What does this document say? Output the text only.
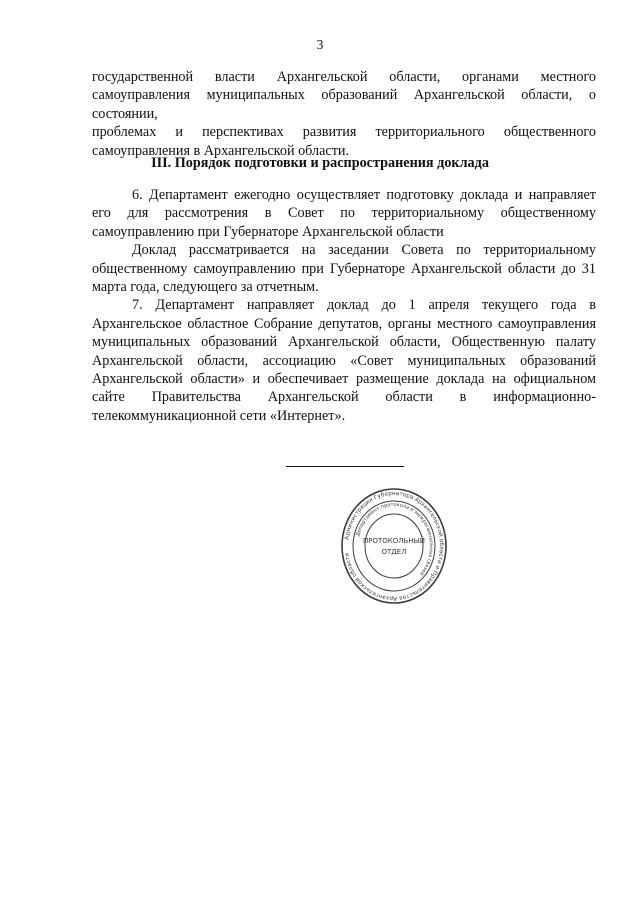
3

государственной власти Архангельской области, органами местного

самоуправления муниципальных образований Архангельской области, о состоянии,

проблемах и перспективах развития территориального общественного

самоуправления в Архангельской области.

III. Порядок подготовки и распространения доклада

6. Департамент ежегодно осуществляет подготовку доклада и направляет его для рассмотрения в Совет по территориальному общественному самоуправлению при Губернаторе Архангельской области

Доклад рассматривается на заседании Совета по территориальному общественному самоуправлению при Губернаторе Архангельской области до 31 марта года, следующего за отчетным.

7. Департамент направляет доклад до 1 апреля текущего года в Архангельское областное Собрание депутатов, органы местного самоуправления муниципальных образований Архангельской области, Общественную палату Архангельской области, ассоциацию «Совет муниципальных образований Архангельской области» и обеспечивает размещение доклада на официальном сайте Правительства Архангельской области в информационно-телекоммуникационной сети «Интернет».

Администрация Губернатора Архангельской области и Правительства Архангельской области
Департамент протокола и межрегиональных связей
ПРОТОКОЛЬНЫЙ
ОТДЕЛ
